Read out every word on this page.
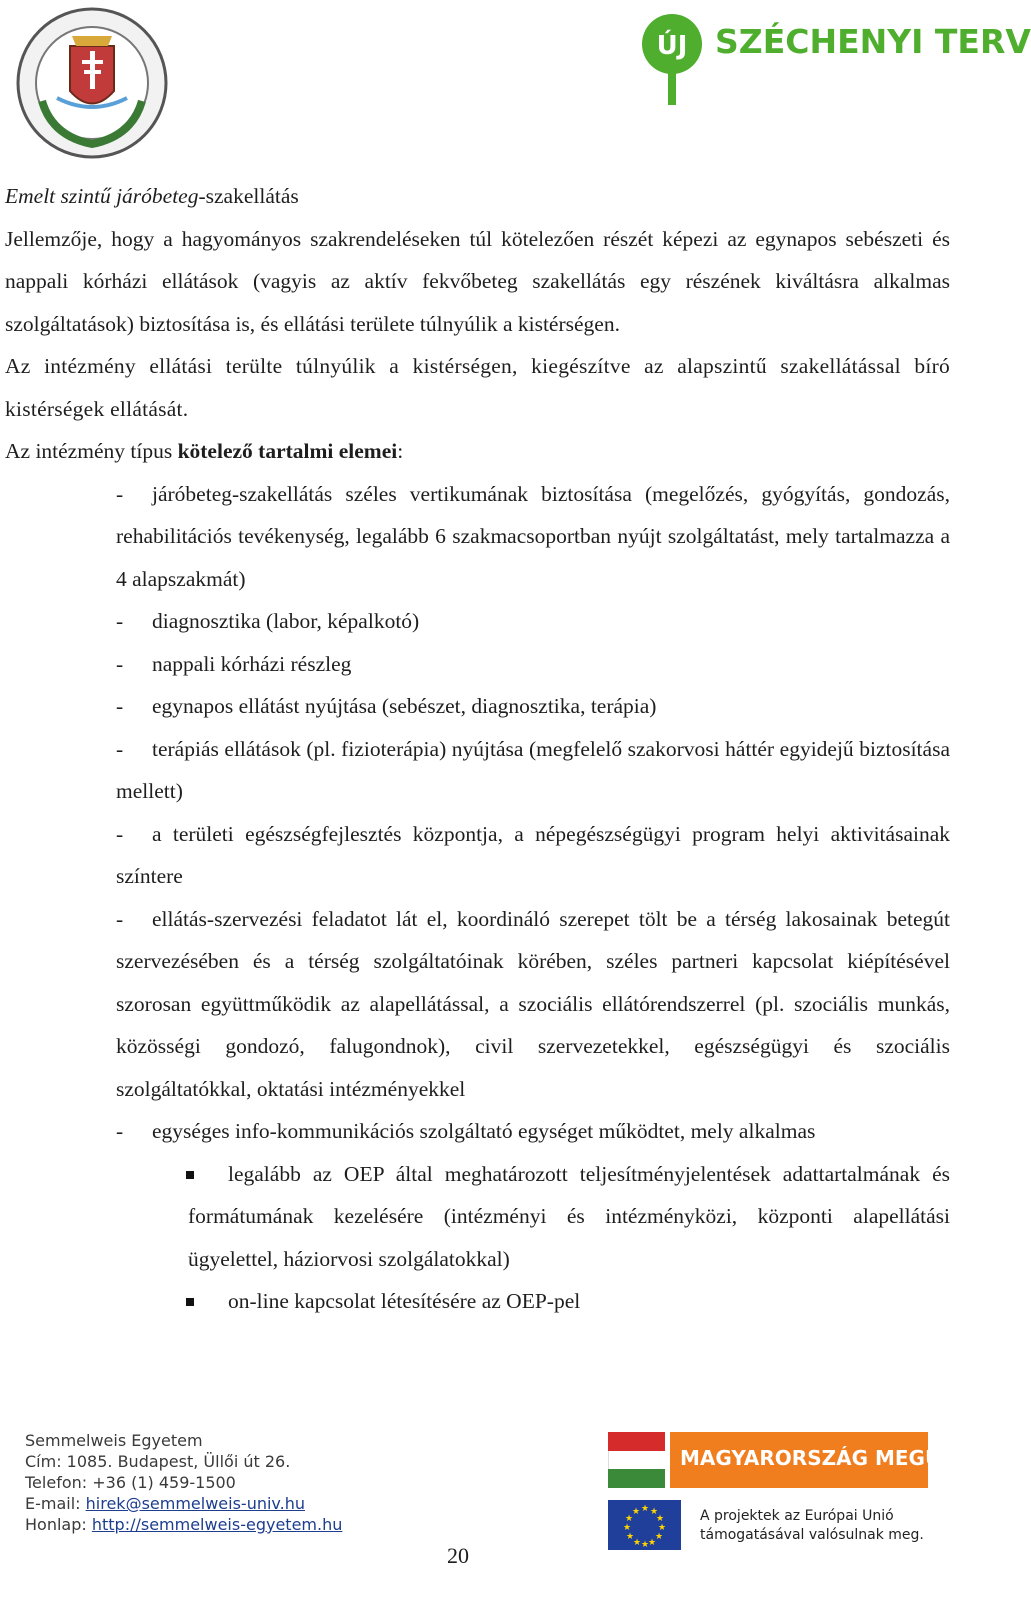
ÚJ SZÉCHENYI TERV

Emelt szintű járóbeteg-szakellátás

Jellemzője, hogy a hagyományos szakrendeléseken túl kötelezően részét képezi az egynapos sebészeti és nappali kórházi ellátások (vagyis az aktív fekvőbeteg szakellátás egy részének kiváltásra alkalmas szolgáltatások) biztosítása is, és ellátási területe túlnyúlik a kistérségen.

Az intézmény ellátási terülte túlnyúlik a kistérségen, kiegészítve az alapszintű szakellátással bíró kistérségek ellátását.

Az intézmény típus kötelező tartalmi elemei:

- járóbeteg-szakellátás széles vertikumának biztosítása (megelőzés, gyógyítás, gondozás, rehabilitációs tevékenység, legalább 6 szakmacsoportban nyújt szolgáltatást, mely tartalmazza a 4 alapszakmát)
- diagnosztika (labor, képalkotó)
- nappali kórházi részleg
- egynapos ellátást nyújtása (sebészet, diagnosztika, terápia)
- terápiás ellátások (pl. fizioterápia) nyújtása (megfelelő szakorvosi háttér egyidejű biztosítása mellett)
- a területi egészségfejlesztés központja, a népegészségügyi program helyi aktivitásainak színtere
- ellátás-szervezési feladatot lát el, koordináló szerepet tölt be a térség lakosainak betegút szervezésében és a térség szolgáltatóinak körében, széles partneri kapcsolat kiépítésével szorosan együttműködik az alapellátással, a szociális ellátórendszerrel (pl. szociális munkás, közösségi gondozó, falugondnok), civil szervezetekkel, egészségügyi és szociális szolgáltatókkal, oktatási intézményekkel
- egységes info-kommunikációs szolgáltató egységet működtet, mely alkalmas
legalább az OEP által meghatározott teljesítményjelentések adattartalmának és formátumának kezelésére (intézményi és intézményközi, központi alapellátási ügyelettel, háziorvosi szolgálatokkal)
on-line kapcsolat létesítésére az OEP-pel
Semmelweis Egyetem
Cím: 1085. Budapest, Üllői út 26.
Telefon: +36 (1) 459-1500
E-mail: hirek@semmelweis-univ.hu
Honlap: http://semmelweis-egyetem.hu
MAGYARORSZÁG MEGÚJUL
★ ★
★
★
★
★
★
★
★
★
★
★	A projektek az Európai Unió
támogatásával valósulnak meg.
20
